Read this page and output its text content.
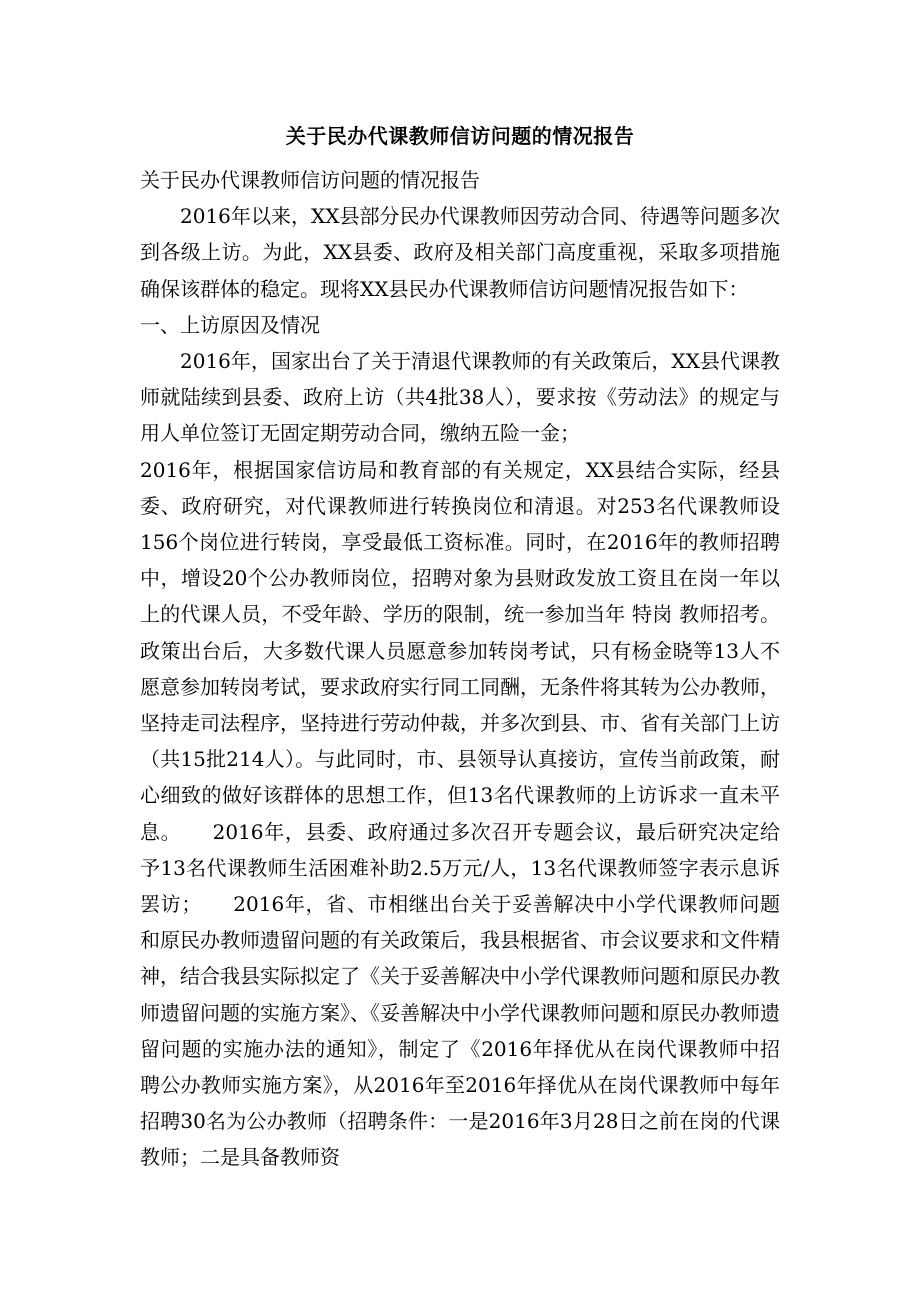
关于民办代课教师信访问题的情况报告

关于民办代课教师信访问题的情况报告

2016年以来，XX县部分民办代课教师因劳动合同、待遇等问题多次到各级上访。为此，XX县委、政府及相关部门高度重视，采取多项措施确保该群体的稳定。现将XX县民办代课教师信访问题情况报告如下：

一、上访原因及情况

2016年，国家出台了关于清退代课教师的有关政策后，XX县代课教师就陆续到县委、政府上访（共4批38人），要求按《劳动法》的规定与用人单位签订无固定期劳动合同，缴纳五险一金；

2016年，根据国家信访局和教育部的有关规定，XX县结合实际，经县委、政府研究，对代课教师进行转换岗位和清退。对253名代课教师设156个岗位进行转岗，享受最低工资标准。同时，在2016年的教师招聘中，增设20个公办教师岗位，招聘对象为县财政发放工资且在岗一年以上的代课人员，不受年龄、学历的限制，统一参加当年 特岗 教师招考。政策出台后，大多数代课人员愿意参加转岗考试，只有杨金晓等13人不愿意参加转岗考试，要求政府实行同工同酬，无条件将其转为公办教师，坚持走司法程序，坚持进行劳动仲裁，并多次到县、市、省有关部门上访（共15批214人）。与此同时，市、县领导认真接访，宣传当前政策，耐心细致的做好该群体的思想工作，但13名代课教师的上访诉求一直未平息。　　2016年，县委、政府通过多次召开专题会议，最后研究决定给予13名代课教师生活困难补助2.5万元/人，13名代课教师签字表示息诉罢访；　　2016年，省、市相继出台关于妥善解决中小学代课教师问题和原民办教师遗留问题的有关政策后，我县根据省、市会议要求和文件精神，结合我县实际拟定了《关于妥善解决中小学代课教师问题和原民办教师遗留问题的实施方案》、《妥善解决中小学代课教师问题和原民办教师遗留问题的实施办法的通知》，制定了《2016年择优从在岗代课教师中招聘公办教师实施方案》，从2016年至2016年择优从在岗代课教师中每年招聘30名为公办教师（招聘条件：一是2016年3月28日之前在岗的代课教师；二是具备教师资
